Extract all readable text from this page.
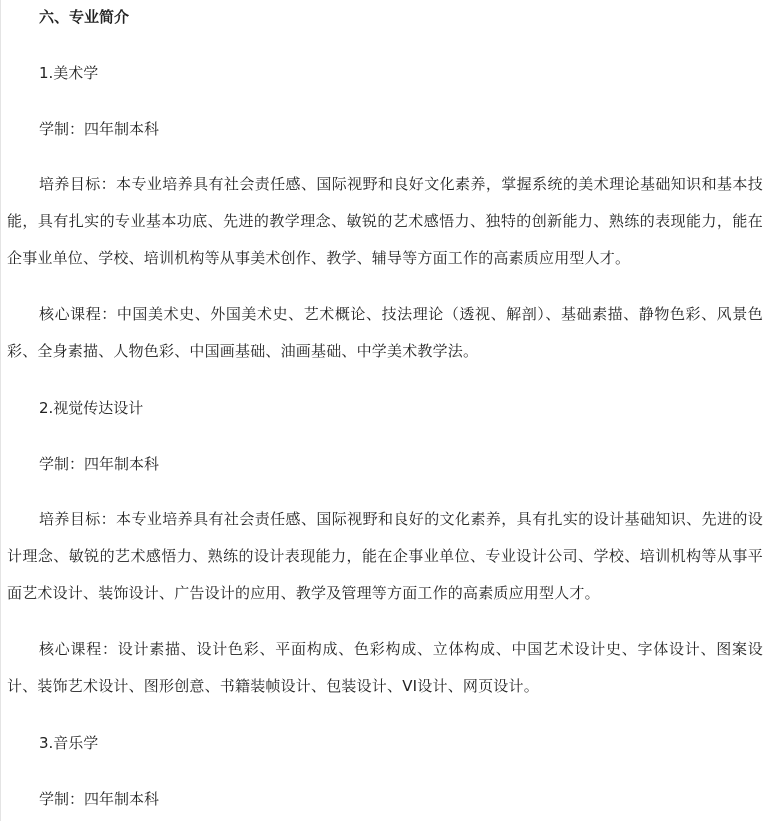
六、专业简介
1.美术学
学制：四年制本科
培养目标：本专业培养具有社会责任感、国际视野和良好文化素养，掌握系统的美术理论基础知识和基本技能，具有扎实的专业基本功底、先进的教学理念、敏锐的艺术感悟力、独特的创新能力、熟练的表现能力，能在企事业单位、学校、培训机构等从事美术创作、教学、辅导等方面工作的高素质应用型人才。
核心课程：中国美术史、外国美术史、艺术概论、技法理论（透视、解剖）、基础素描、静物色彩、风景色彩、全身素描、人物色彩、中国画基础、油画基础、中学美术教学法。
2.视觉传达设计
学制：四年制本科
培养目标：本专业培养具有社会责任感、国际视野和良好的文化素养，具有扎实的设计基础知识、先进的设计理念、敏锐的艺术感悟力、熟练的设计表现能力，能在企事业单位、专业设计公司、学校、培训机构等从事平面艺术设计、装饰设计、广告设计的应用、教学及管理等方面工作的高素质应用型人才。
核心课程：设计素描、设计色彩、平面构成、色彩构成、立体构成、中国艺术设计史、字体设计、图案设计、装饰艺术设计、图形创意、书籍装帧设计、包装设计、VI设计、网页设计。
3.音乐学
学制：四年制本科
